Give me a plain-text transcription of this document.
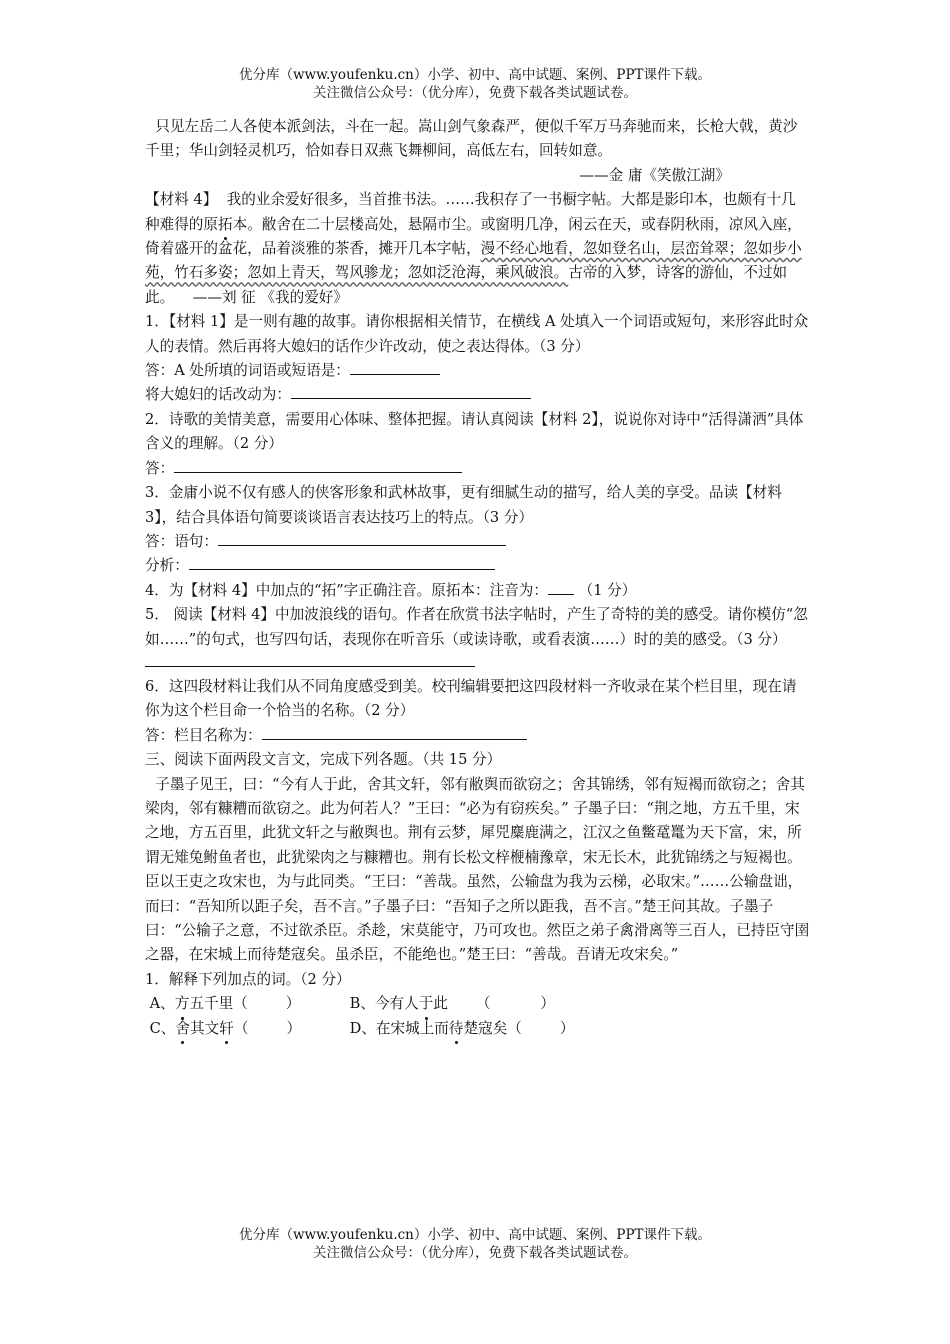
优分库（www.youfenku.cn）小学、初中、高中试题、案例、PPT课件下载。
关注微信公众号：（优分库），免费下载各类试题试卷。

只见左岳二人各使本派剑法，斗在一起。嵩山剑气象森严，便似千军万马奔驰而来，长枪大戟，黄沙千里；华山剑轻灵机巧，恰如春日双燕飞舞柳间，高低左右，回转如意。

——金 庸《笑傲江湖》

【材料 4】 我的业余爱好很多，当首推书法。……我积存了一书橱字帖。大都是影印本，也颇有十几种难得的原拓本。敝舍在二十层楼高处，悬隔市尘。或窗明几净，闲云在天，或春阴秋雨，凉风入座，倚着盛开的盆花，品着淡雅的茶香，摊开几本字帖，漫不经心地看，忽如登名山，层峦耸翠；忽如步小苑，竹石多姿；忽如上青天，驾风骖龙；忽如泛沧海，乘风破浪。古帝的入梦，诗客的游仙，不过如此。 ——刘 征 《我的爱好》

1．【材料 1】是一则有趣的故事。请你根据相关情节，在横线 A 处填入一个词语或短句，来形容此时众人的表情。然后再将大媳妇的话作少许改动，使之表达得体。（3 分）

答：A 处所填的词语或短语是：

将大媳妇的话改动为：

2．诗歌的美情美意，需要用心体味、整体把握。请认真阅读【材料 2】，说说你对诗中“活得潇洒”具体含义的理解。（2 分）

答：

3．金庸小说不仅有感人的侠客形象和武林故事，更有细腻生动的描写，给人美的享受。品读【材料 3】，结合具体语句简要谈谈语言表达技巧上的特点。（3 分）

答：语句：

分析：

4．为【材料 4】中加点的“拓”字正确注音。原拓本：注音为： （1 分）

5． 阅读【材料 4】中加波浪线的语句。作者在欣赏书法字帖时，产生了奇特的美的感受。请你模仿“忽如……”的句式，也写四句话，表现你在听音乐（或读诗歌，或看表演……）时的美的感受。（3 分）

6．这四段材料让我们从不同角度感受到美。校刊编辑要把这四段材料一齐收录在某个栏目里，现在请你为这个栏目命一个恰当的名称。（2 分）

答：栏目名称为：

三、阅读下面两段文言文，完成下列各题。（共 15 分）

子墨子见王，曰：“今有人于此，舍其文轩，邻有敝舆而欲窃之；舍其锦绣，邻有短褐而欲窃之；舍其梁肉，邻有糠糟而欲窃之。此为何若人？”王曰：“必为有窃疾矣。” 子墨子曰：“荆之地，方五千里，宋之地，方五百里，此犹文轩之与敝舆也。荆有云梦，犀兕麋鹿满之，江汉之鱼鳖鼋鼍为天下富，宋，所谓无雉兔鲋鱼者也，此犹梁肉之与糠糟也。荆有长松文梓楩楠豫章，宋无长木，此犹锦绣之与短褐也。臣以王吏之攻宋也，为与此同类。“王曰：“善哉。虽然，公输盘为我为云梯，必取宋。”……公输盘诎，而曰：“吾知所以距子矣，吾不言。”子墨子曰：“吾知子之所以距我，吾不言。”楚王问其故。子墨子曰：“公输子之意，不过欲杀臣。杀趁，宋莫能守，乃可攻也。然臣之弟子禽滑离等三百人，已持臣守圉之器，在宋城上而待楚寇矣。虽杀臣，不能绝也。”楚王曰：“善哉。吾请无攻宋矣。”

1．解释下列加点的词。（2 分）

A、方五千里（	）	B、今有人于此 （	）

C、舍其文轩（	）	D、在宋城上而待楚寇矣（	）

优分库（www.youfenku.cn）小学、初中、高中试题、案例、PPT课件下载。
关注微信公众号：（优分库），免费下载各类试题试卷。
